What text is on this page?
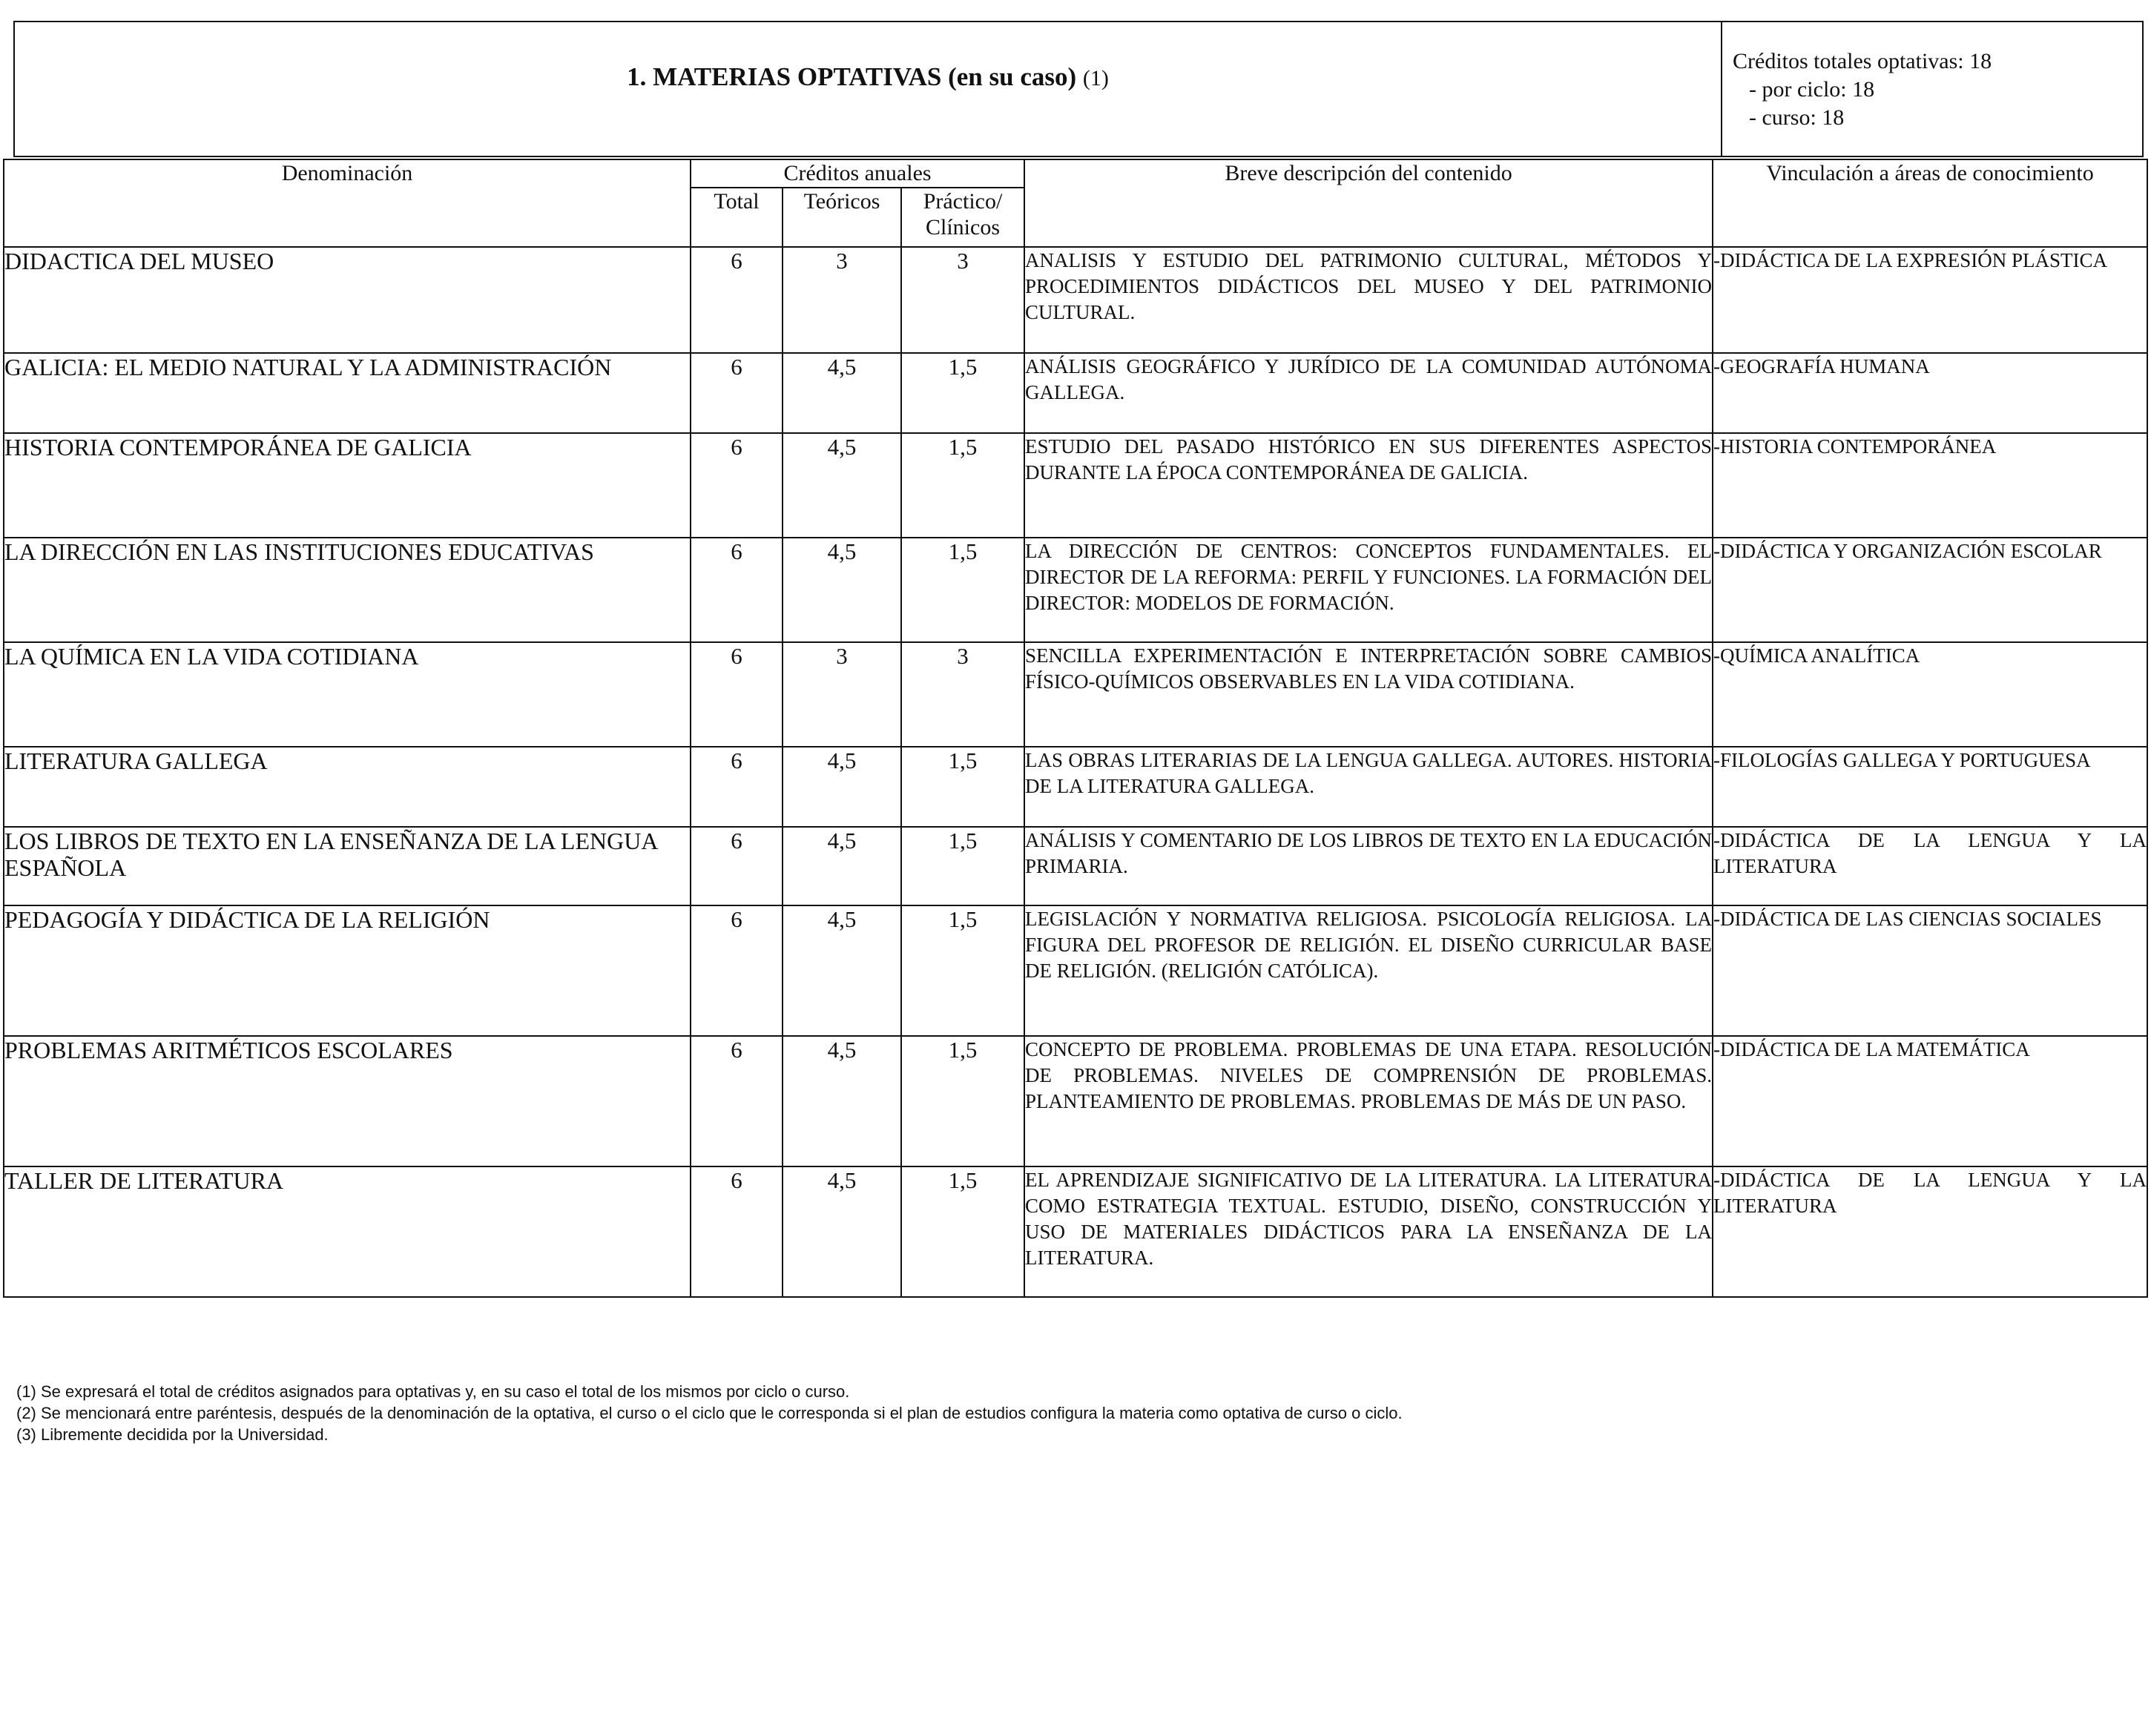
1. MATERIAS OPTATIVAS (en su caso) (1)
Créditos totales optativas: 18
- por ciclo: 18
- curso: 18
Denominación	Créditos anuales			Breve descripción del contenido	Vinculación a áreas de conocimiento
	Total	Teóricos	Práctico/ Clínicos		

DIDACTICA DEL MUSEO	6	3	3	ANALISIS Y ESTUDIO DEL PATRIMONIO CULTURAL, MÉTODOS Y PROCEDIMIENTOS DIDÁCTICOS DEL MUSEO Y DEL PATRIMONIO CULTURAL.	-DIDÁCTICA DE LA EXPRESIÓN PLÁSTICA
GALICIA: EL MEDIO NATURAL Y LA ADMINISTRACIÓN	6	4,5	1,5	ANÁLISIS GEOGRÁFICO Y JURÍDICO DE LA COMUNIDAD AUTÓNOMA GALLEGA.	-GEOGRAFÍA HUMANA
HISTORIA CONTEMPORÁNEA DE GALICIA	6	4,5	1,5	ESTUDIO DEL PASADO HISTÓRICO EN SUS DIFERENTES ASPECTOS DURANTE LA ÉPOCA CONTEMPORÁNEA DE GALICIA.	-HISTORIA CONTEMPORÁNEA
LA DIRECCIÓN EN LAS INSTITUCIONES EDUCATIVAS	6	4,5	1,5	LA DIRECCIÓN DE CENTROS: CONCEPTOS FUNDAMENTALES. EL DIRECTOR DE LA REFORMA: PERFIL Y FUNCIONES. LA FORMACIÓN DEL DIRECTOR: MODELOS DE FORMACIÓN.	-DIDÁCTICA Y ORGANIZACIÓN ESCOLAR
LA QUÍMICA EN LA VIDA COTIDIANA	6	3	3	SENCILLA EXPERIMENTACIÓN E INTERPRETACIÓN SOBRE CAMBIOS FÍSICO-QUÍMICOS OBSERVABLES EN LA VIDA COTIDIANA.	-QUÍMICA ANALÍTICA
LITERATURA GALLEGA	6	4,5	1,5	LAS OBRAS LITERARIAS DE LA LENGUA GALLEGA. AUTORES. HISTORIA DE LA LITERATURA GALLEGA.	-FILOLOGÍAS GALLEGA Y PORTUGUESA
LOS LIBROS DE TEXTO EN LA ENSEÑANZA DE LA LENGUA ESPAÑOLA	6	4,5	1,5	ANÁLISIS Y COMENTARIO DE LOS LIBROS DE TEXTO EN LA EDUCACIÓN PRIMARIA.	-DIDÁCTICA DE LA LENGUA Y LA LITERATURA
PEDAGOGÍA Y DIDÁCTICA DE LA RELIGIÓN	6	4,5	1,5	LEGISLACIÓN Y NORMATIVA RELIGIOSA. PSICOLOGÍA RELIGIOSA. LA FIGURA DEL PROFESOR DE RELIGIÓN. EL DISEÑO CURRICULAR BASE DE RELIGIÓN. (RELIGIÓN CATÓLICA).	-DIDÁCTICA DE LAS CIENCIAS SOCIALES
PROBLEMAS ARITMÉTICOS ESCOLARES	6	4,5	1,5	CONCEPTO DE PROBLEMA. PROBLEMAS DE UNA ETAPA. RESOLUCIÓN DE PROBLEMAS. NIVELES DE COMPRENSIÓN DE PROBLEMAS. PLANTEAMIENTO DE PROBLEMAS. PROBLEMAS DE MÁS DE UN PASO.	-DIDÁCTICA DE LA MATEMÁTICA
TALLER DE LITERATURA	6	4,5	1,5	EL APRENDIZAJE SIGNIFICATIVO DE LA LITERATURA. LA LITERATURA COMO ESTRATEGIA TEXTUAL. ESTUDIO, DISEÑO, CONSTRUCCIÓN Y USO DE MATERIALES DIDÁCTICOS PARA LA ENSEÑANZA DE LA LITERATURA.	-DIDÁCTICA DE LA LENGUA Y LA LITERATURA

(1) Se expresará el total de créditos asignados para optativas y, en su caso el total de los mismos por ciclo o curso.

(2) Se mencionará entre paréntesis, después de la denominación de la optativa, el curso o el ciclo que le corresponda si el plan de estudios configura la materia como optativa de curso o ciclo.

(3) Libremente decidida por la Universidad.
